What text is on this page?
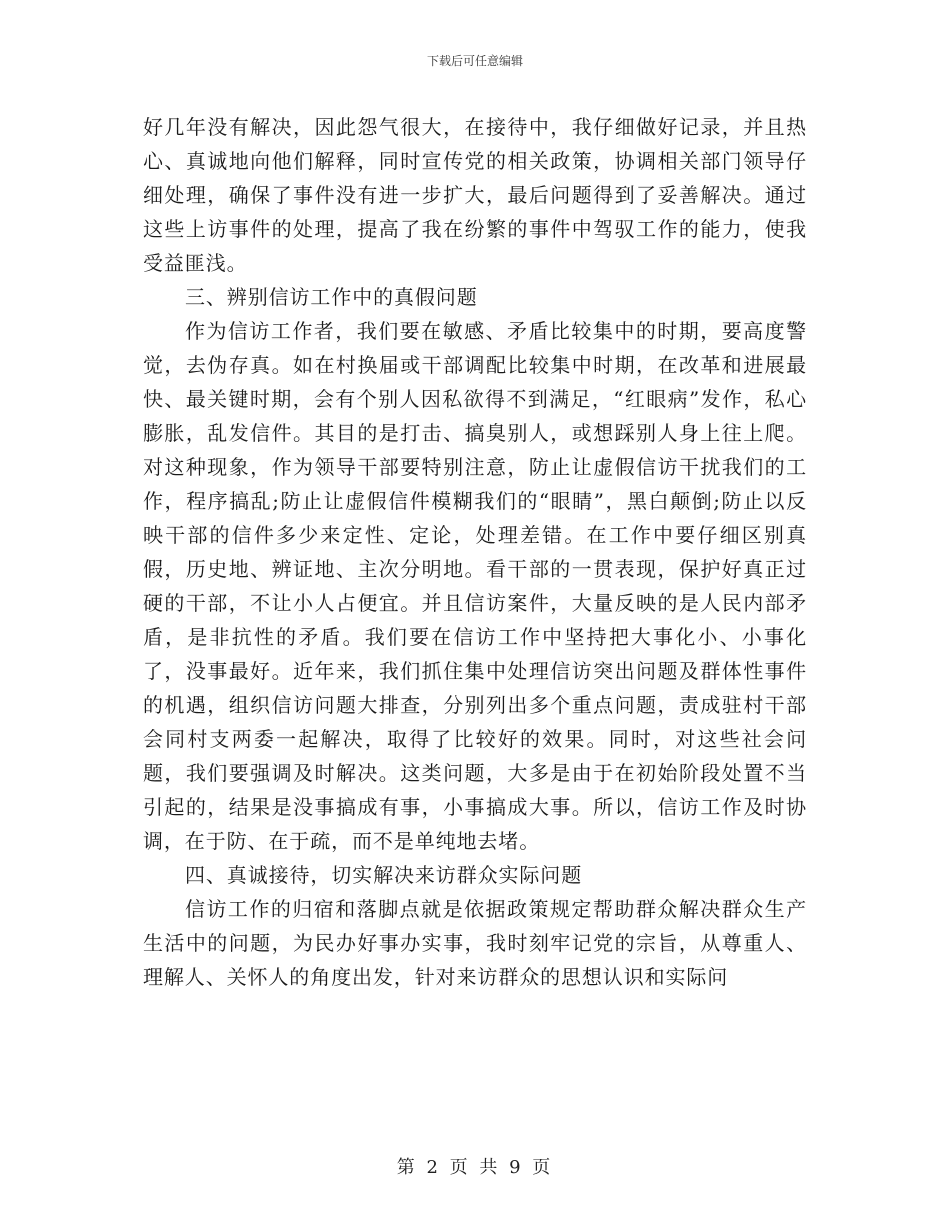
下载后可任意编辑

好几年没有解决，因此怨气很大，在接待中，我仔细做好记录，并且热心、真诚地向他们解释，同时宣传党的相关政策，协调相关部门领导仔细处理，确保了事件没有进一步扩大，最后问题得到了妥善解决。通过这些上访事件的处理，提高了我在纷繁的事件中驾驭工作的能力，使我受益匪浅。

三、辨别信访工作中的真假问题

作为信访工作者，我们要在敏感、矛盾比较集中的时期，要高度警觉，去伪存真。如在村换届或干部调配比较集中时期，在改革和进展最快、最关键时期，会有个别人因私欲得不到满足，“红眼病”发作，私心膨胀，乱发信件。其目的是打击、搞臭别人，或想踩别人身上往上爬。对这种现象，作为领导干部要特别注意，防止让虚假信访干扰我们的工作，程序搞乱;防止让虚假信件模糊我们的“眼睛”，黑白颠倒;防止以反映干部的信件多少来定性、定论，处理差错。在工作中要仔细区别真假，历史地、辨证地、主次分明地。看干部的一贯表现，保护好真正过硬的干部，不让小人占便宜。并且信访案件，大量反映的是人民内部矛盾，是非抗性的矛盾。我们要在信访工作中坚持把大事化小、小事化了，没事最好。近年来，我们抓住集中处理信访突出问题及群体性事件的机遇，组织信访问题大排查，分别列出多个重点问题，责成驻村干部会同村支两委一起解决，取得了比较好的效果。同时，对这些社会问题，我们要强调及时解决。这类问题，大多是由于在初始阶段处置不当引起的，结果是没事搞成有事，小事搞成大事。所以，信访工作及时协调，在于防、在于疏，而不是单纯地去堵。

四、真诚接待，切实解决来访群众实际问题

信访工作的归宿和落脚点就是依据政策规定帮助群众解决群众生产生活中的问题，为民办好事办实事，我时刻牢记党的宗旨，从尊重人、理解人、关怀人的角度出发，针对来访群众的思想认识和实际问

第 2 页 共 9 页
